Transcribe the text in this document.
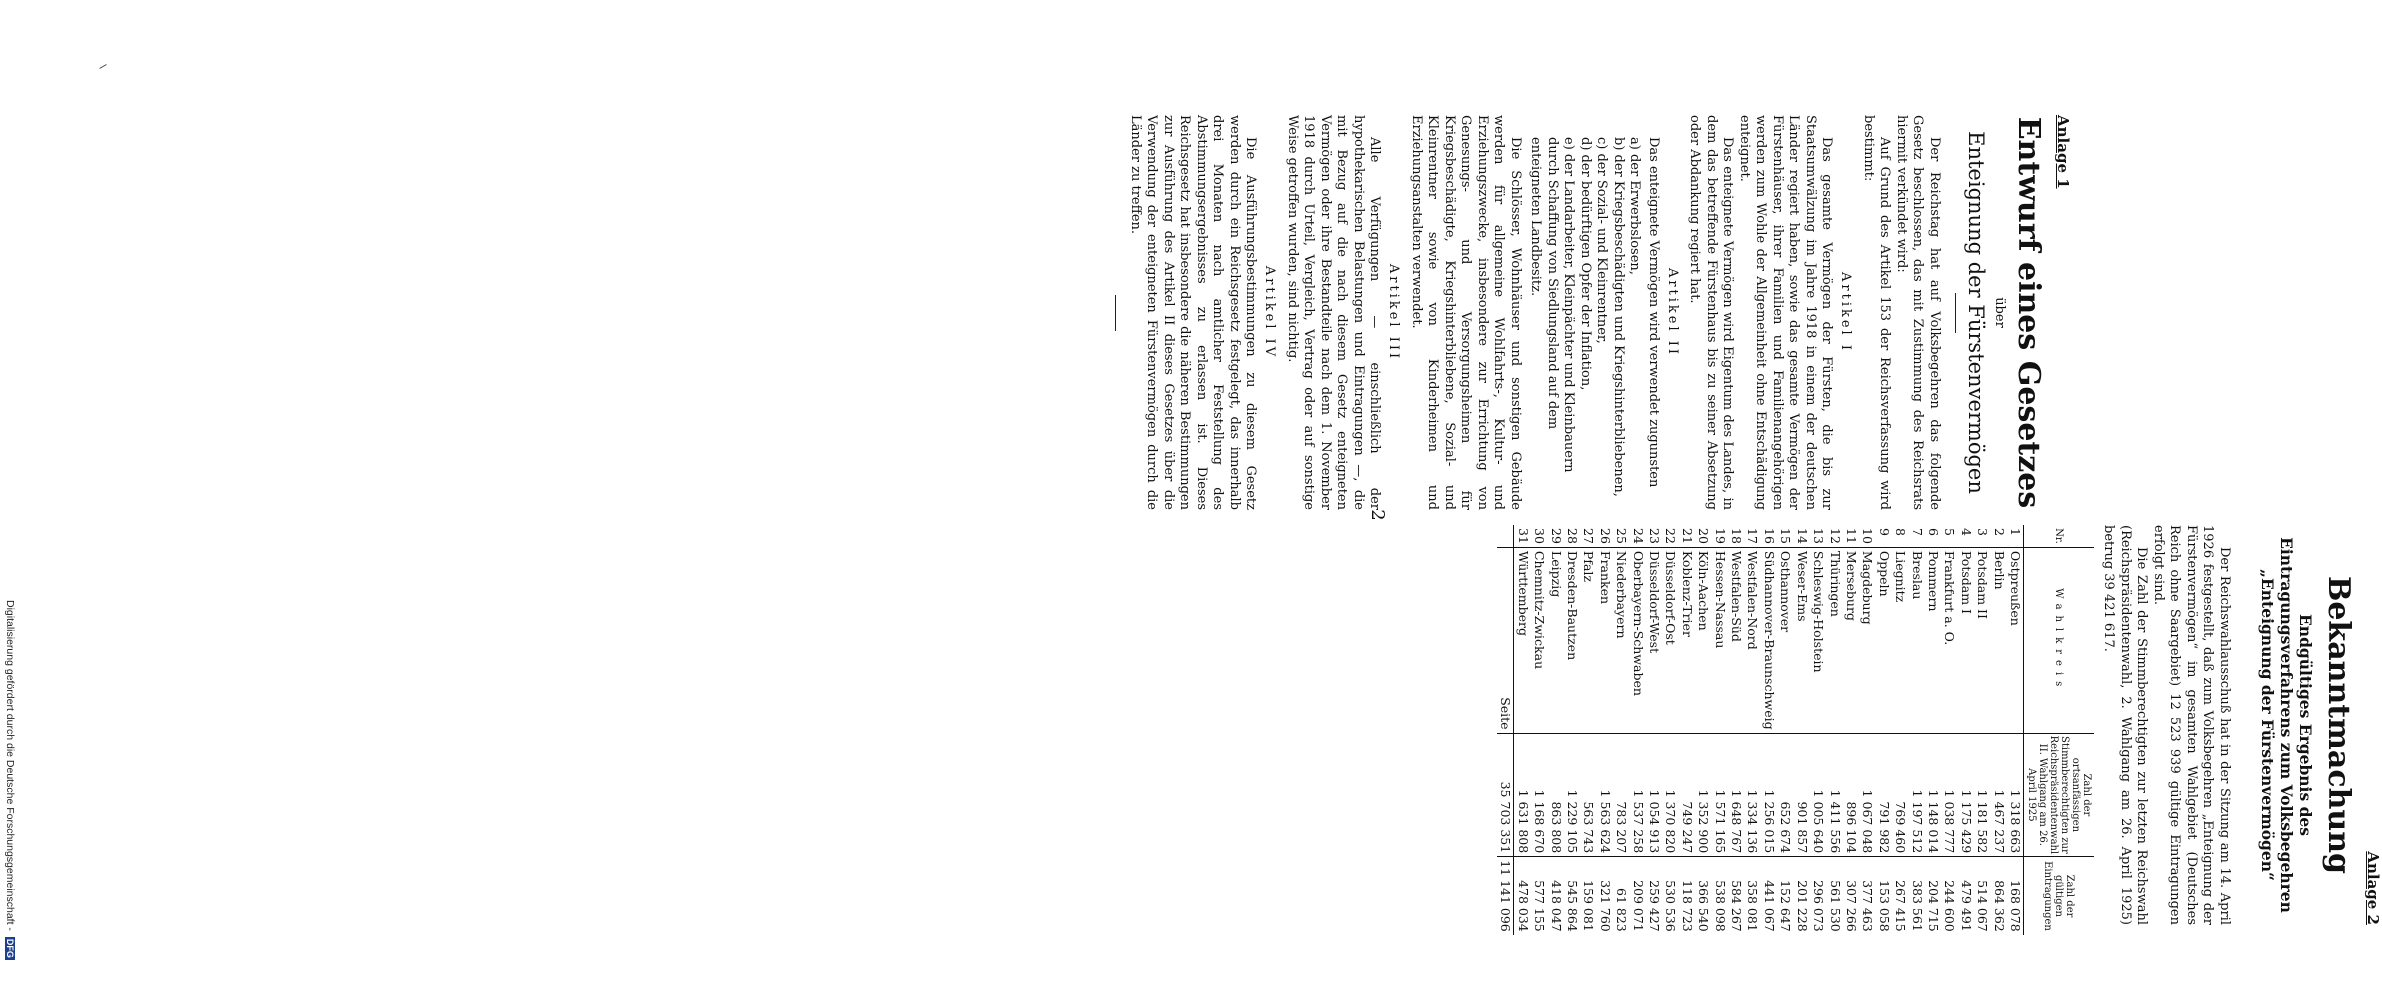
2
Anlage 1
Entwurf eines Gesetzes
über
Enteignung der Fürstenvermögen

Der Reichstag hat auf Volksbegehren das folgende Gesetz beschlossen, das mit Zustimmung des Reichsrats hiermit verkündet wird:

Auf Grund des Artikel 153 der Reichsverfassung wird bestimmt:

Artikel I

Das gesamte Vermögen der Fürsten, die bis zur Staatsumwälzung im Jahre 1918 in einem der deutschen Länder regiert haben, sowie das gesamte Vermögen der Fürstenhäuser, ihrer Familien und Familienangehörigen werden zum Wohle der Allgemeinheit ohne Entschädigung enteignet.

Das enteignete Vermögen wird Eigentum des Landes, in dem das betreffende Fürstenhaus bis zu seiner Absetzung oder Abdankung regiert hat.

Artikel II

Das enteignete Vermögen wird verwendet zugunsten

a) der Erwerbslosen,
b) der Kriegsbeschädigten und Kriegshinterbliebenen,
c) der Sozial- und Kleinrentner,
d) der bedürftigen Opfer der Inflation,
e) der Landarbeiter, Kleinpächter und Kleinbauern durch Schaffung von Siedlungsland auf dem enteigneten Landbesitz.

Die Schlösser, Wohnhäuser und sonstigen Gebäude werden für allgemeine Wohlfahrts-, Kultur- und Erziehungszwecke, insbesondere zur Errichtung von Genesungs- und Versorgungsheimen für Kriegsbeschädigte, Kriegshinterbliebene, Sozial- und Kleinrentner sowie von Kinderheimen und Erziehungsanstalten verwendet.

Artikel III

Alle Verfügungen — einschließlich der hypothekarischen Belastungen und Eintragungen —, die mit Bezug auf die nach diesem Gesetz enteigneten Vermögen oder ihre Bestandteile nach dem 1. November 1918 durch Urteil, Vergleich, Vertrag oder auf sonstige Weise getroffen wurden, sind nichtig.

Artikel IV

Die Ausführungsbestimmungen zu diesem Gesetz werden durch ein Reichsgesetz festgelegt, das innerhalb drei Monaten nach amtlicher Feststellung des Abstimmungsergebnisses zu erlassen ist. Dieses Reichsgesetz hat insbesondere die näheren Bestimmungen zur Ausführung des Artikel II dieses Gesetzes über die Verwendung der enteigneten Fürstenvermögen durch die Länder zu treffen.

Anlage 2
Bekanntmachung
Endgültiges Ergebnis des Eintragungsverfahrens zum Volksbegehren „Enteignung der Fürstenvermögen“

Der Reichswahlausschuß hat in der Sitzung am 14. April 1926 festgestellt, daß zum Volksbegehren „Enteignung der Fürstenvermögen“ im gesamten Wahlgebiet (Deutsches Reich ohne Saargebiet) 12 523 939 gültige Eintragungen erfolgt sind.

Die Zahl der Stimmberechtigten zur letzten Reichswahl (Reichspräsidentenwahl, 2. Wahlgang am 26. April 1925) betrug 39 421 617.

Nr.	Wahlkreis	Zahl der ortsanfässigen Stimmberechtigten zur Reichspräsidentenwahl II. Wahlgang am 26. April 1925	Zahl der gültigen Eintragungen
1	Ostpreußen	1 318 663	168 078
2	Berlin	1 467 237	864 362
3	Potsdam II	1 181 582	514 067
4	Potsdam I	1 175 429	479 491
5	Frankfurt a. O.	1 038 777	244 600
6	Pommern	1 148 014	204 715
7	Breslau	1 197 512	383 561
8	Liegnitz	769 460	267 415
9	Oppeln	791 982	153 058
10	Magdeburg	1 067 048	377 463
11	Merseburg	896 104	307 266
12	Thüringen	1 411 556	561 530
13	Schleswig-Holstein	1 005 640	296 073
14	Weser-Ems	901 857	201 228
15	Osthannover	652 674	152 647
16	Südhannover-Braunschweig	1 256 015	441 067
17	Westfalen-Nord	1 334 136	358 081
18	Westfalen-Süd	1 648 767	584 267
19	Hessen-Nassau	1 571 165	538 098
20	Köln-Aachen	1 352 900	366 540
21	Koblenz-Trier	749 247	118 723
22	Düsseldorf-Ost	1 370 820	530 536
23	Düsseldorf-West	1 054 913	259 427
24	Oberbayern-Schwaben	1 537 258	209 071
25	Niederbayern	783 207	61 823
26	Franken	1 563 624	321 760
27	Pfalz	563 743	159 081
28	Dresden-Bautzen	1 229 105	545 864
29	Leipzig	863 808	418 047
30	Chemnitz-Zwickau	1 168 670	577 155
31	Württemberg	1 631 808	478 034
	Seite	35 703 351	11 141 096
Digitalisierung gefördert durch die Deutsche Forschungsgemeinschaft - DFG
